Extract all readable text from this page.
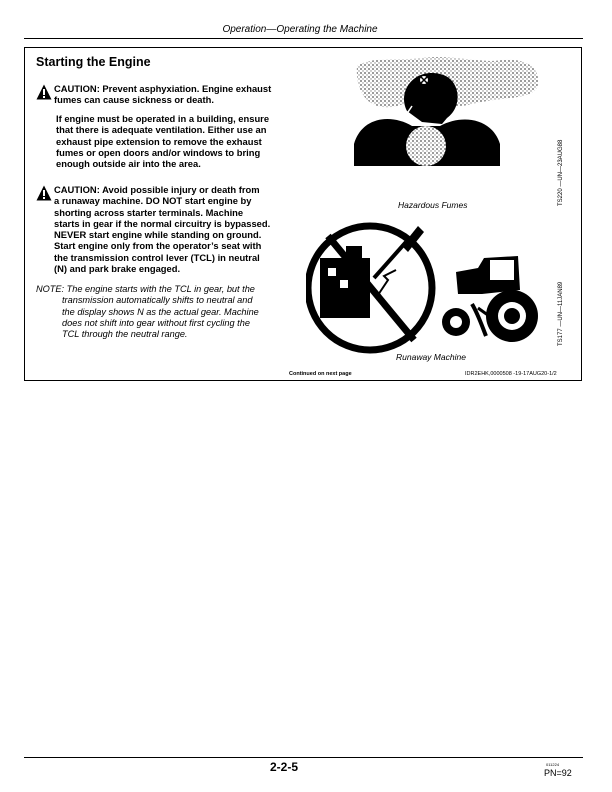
Operation—Operating the Machine
Starting the Engine
CAUTION: Prevent asphyxiation. Engine exhaust
fumes can cause sickness or death.
If engine must be operated in a building, ensure
that there is adequate ventilation. Either use an
exhaust pipe extension to remove the exhaust
fumes or open doors and/or windows to bring
enough outside air into the area.
CAUTION: Avoid possible injury or death from
a runaway machine. DO NOT start engine by
shorting across starter terminals. Machine
starts in gear if the normal circuitry is bypassed.
NEVER start engine while standing on ground.
Start engine only from the operator’s seat with
the transmission control lever (TCL) in neutral
(N) and park brake engaged.
NOTE: The engine starts with the TCL in gear, but the
transmission automatically shifts to neutral and
the display shows N as the actual gear. Machine
does not shift into gear without first cycling the
TCL through the neutral range.
Hazardous Fumes	TS220 —UN—23AUG88
Runaway Machine
TS177 —UN—11JAN89
Continued on next page	IDR2EHK,0000508 -19-17AUG20-1/2
2-2-5	011224
PN=92
